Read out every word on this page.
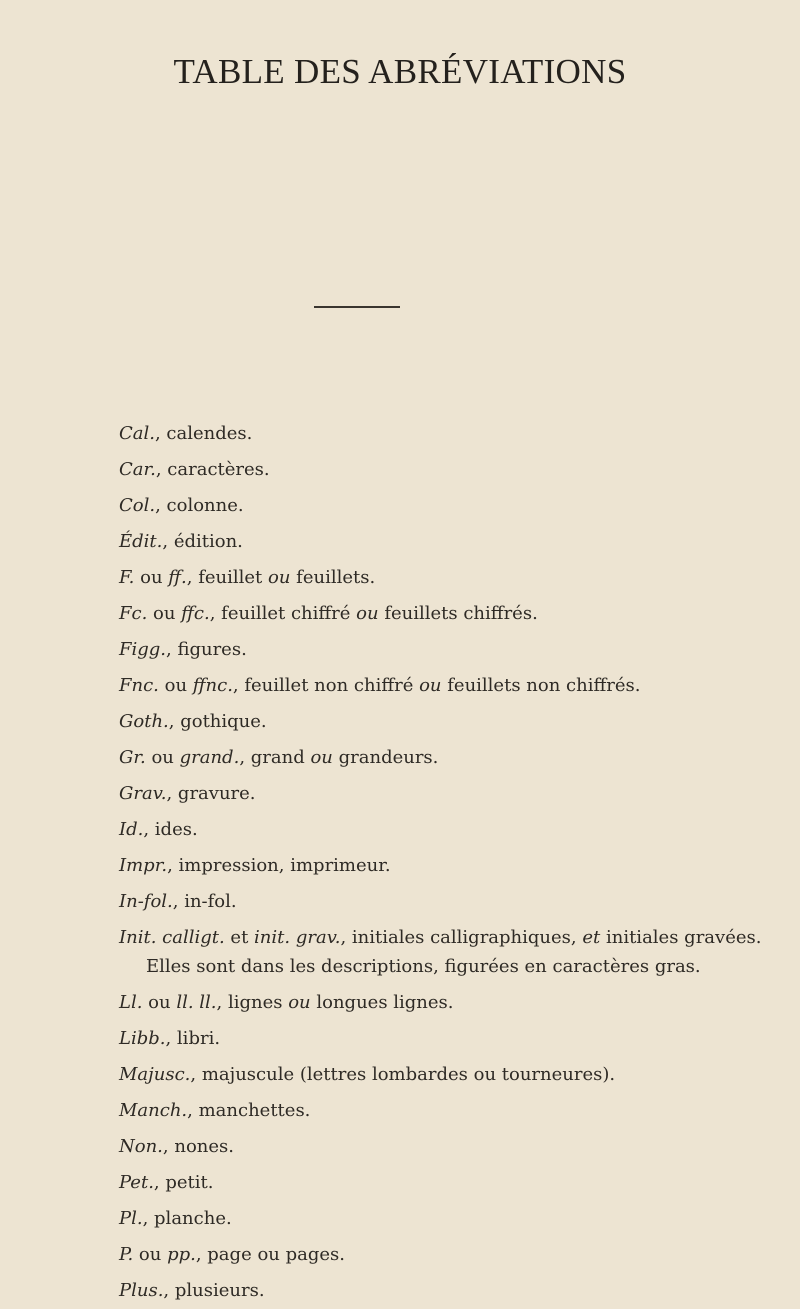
TABLE DES ABRÉVIATIONS
Cal., calendes.
Car., caractères.
Col., colonne.
Édit., édition.
F. ou ff., feuillet ou feuillets.
Fc. ou ffc., feuillet chiffré ou feuillets chiffrés.
Figg., figures.
Fnc. ou ffnc., feuillet non chiffré ou feuillets non chiffrés.
Goth., gothique.
Gr. ou grand., grand ou grandeurs.
Grav., gravure.
Id., ides.
Impr., impression, imprimeur.
In-fol., in-fol.
Init. calligt. et init. grav., initiales calligraphiques, et initiales gravées.
Elles sont dans les descriptions, figurées en caractères gras.
Ll. ou ll. ll., lignes ou longues lignes.
Libb., libri.
Majusc., majuscule (lettres lombardes ou tourneures).
Manch., manchettes.
Non., nones.
Pet., petit.
Pl., planche.
P. ou pp., page ou pages.
Plus., plusieurs.
